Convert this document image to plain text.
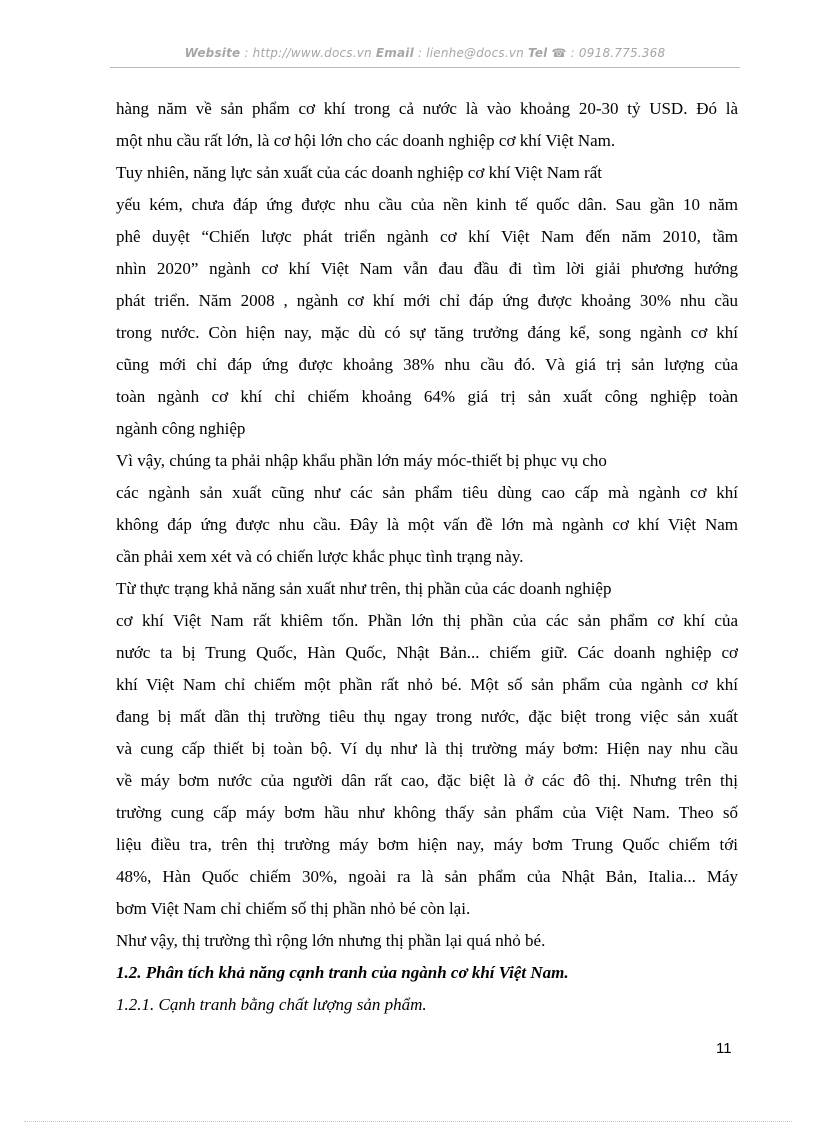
Website : http://www.docs.vn Email : lienhe@docs.vn Tel ☎ : 0918.775.368
hàng năm về sản phẩm cơ khí trong cả nước là vào khoảng 20-30 tỷ USD. Đó là
một nhu cầu rất lớn, là cơ hội lớn cho các doanh nghiệp cơ khí Việt Nam.
Tuy nhiên, năng lực sản xuất của các doanh nghiệp cơ khí Việt Nam rất
yếu kém, chưa đáp ứng được nhu cầu của nền kinh tế quốc dân. Sau gần 10 năm
phê duyệt “Chiến lược phát triển ngành cơ khí Việt Nam đến năm 2010, tầm
nhìn 2020” ngành cơ khí Việt Nam vẫn đau đầu đi tìm lời giải phương hướng
phát triển. Năm 2008 , ngành cơ khí mới chỉ đáp ứng được khoảng 30% nhu cầu
trong nước. Còn hiện nay, mặc dù có sự tăng trưởng đáng kể, song ngành cơ khí
cũng mới chỉ đáp ứng được khoảng 38% nhu cầu đó. Và giá trị sản lượng của
toàn ngành cơ khí chỉ chiếm khoảng 64% giá trị sản xuất công nghiệp toàn
ngành công nghiệp
Vì vậy, chúng ta phải nhập khẩu phần lớn máy móc-thiết bị phục vụ cho
các ngành sản xuất cũng như các sản phẩm tiêu dùng cao cấp mà ngành cơ khí
không đáp ứng được nhu cầu. Đây là một vấn đề lớn mà ngành cơ khí Việt Nam
cần phải xem xét và có chiến lược khắc phục tình trạng này.
Từ thực trạng khả năng sản xuất như trên, thị phần của các doanh nghiệp
cơ khí Việt Nam rất khiêm tốn. Phần lớn thị phần của các sản phẩm cơ khí của
nước ta bị Trung Quốc, Hàn Quốc, Nhật Bản... chiếm giữ. Các doanh nghiệp cơ
khí Việt Nam chỉ chiếm một phần rất nhỏ bé. Một số sản phẩm của ngành cơ khí
đang bị mất dần thị trường tiêu thụ ngay trong nước, đặc biệt trong việc sản xuất
và cung cấp thiết bị toàn bộ. Ví dụ như là thị trường máy bơm: Hiện nay nhu cầu
về máy bơm nước của người dân rất cao, đặc biệt là ở các đô thị. Nhưng trên thị
trường cung cấp máy bơm hầu như không thấy sản phẩm của Việt Nam. Theo số
liệu điều tra, trên thị trường máy bơm hiện nay, máy bơm Trung Quốc chiếm tới
48%, Hàn Quốc chiếm 30%, ngoài ra là sản phẩm của Nhật Bản, Italia... Máy
bơm Việt Nam chỉ chiếm số thị phần nhỏ bé còn lại.
Như vậy, thị trường thì rộng lớn nhưng thị phần lại quá nhỏ bé.
1.2. Phân tích khả năng cạnh tranh của ngành cơ khí Việt Nam.
1.2.1. Cạnh tranh bằng chất lượng sản phẩm.
11
